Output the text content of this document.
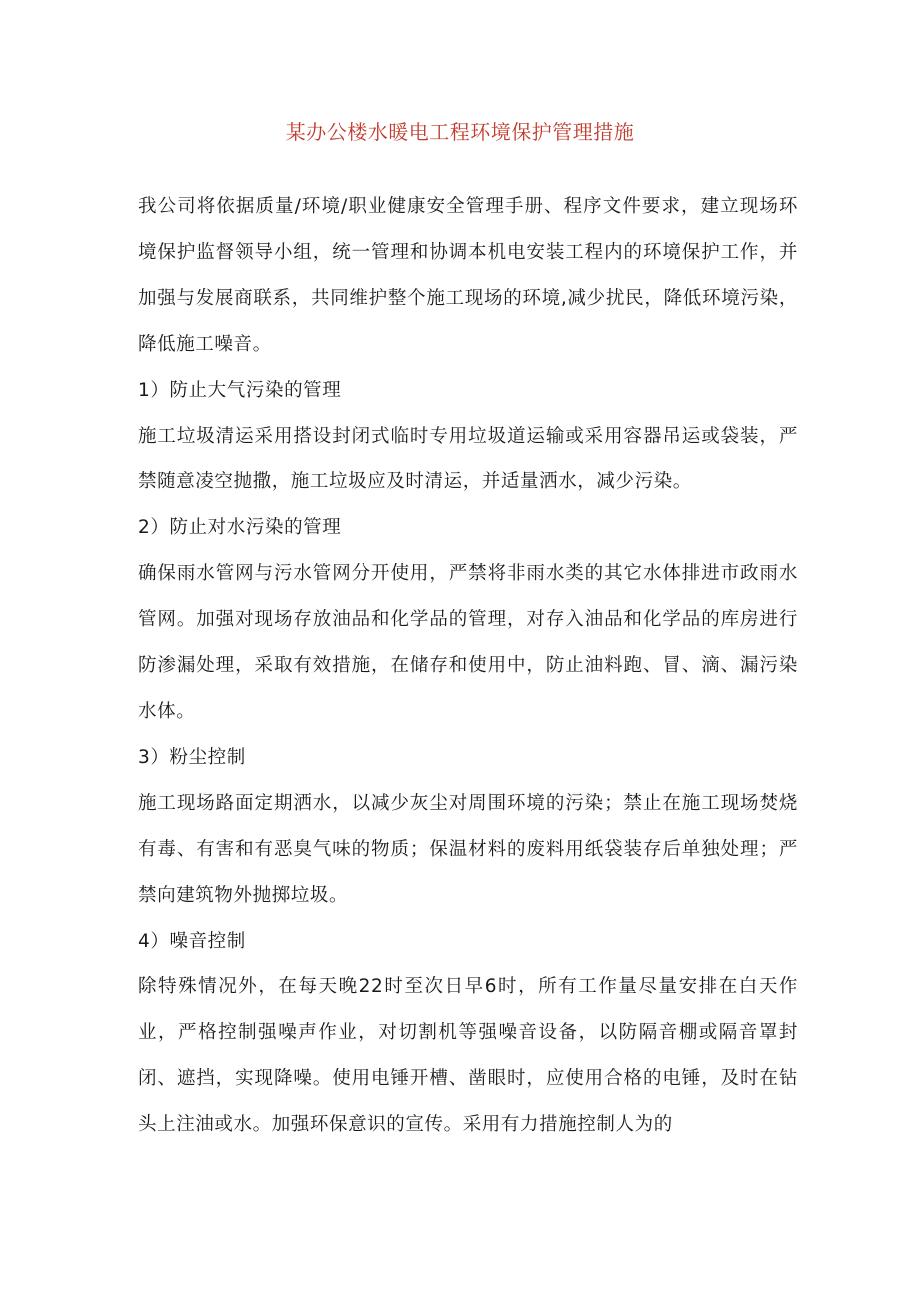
某办公楼水暖电工程环境保护管理措施

我公司将依据质量/环境/职业健康安全管理手册、程序文件要求，建立现场环境保护监督领导小组，统一管理和协调本机电安装工程内的环境保护工作，并加强与发展商联系，共同维护整个施工现场的环境,减少扰民，降低环境污染，降低施工噪音。

1）防止大气污染的管理

施工垃圾清运采用搭设封闭式临时专用垃圾道运输或采用容器吊运或袋装，严禁随意凌空抛撒，施工垃圾应及时清运，并适量洒水，减少污染。

2）防止对水污染的管理

确保雨水管网与污水管网分开使用，严禁将非雨水类的其它水体排进市政雨水管网。加强对现场存放油品和化学品的管理，对存入油品和化学品的库房进行防渗漏处理，采取有效措施，在储存和使用中，防止油料跑、冒、滴、漏污染水体。

3）粉尘控制

施工现场路面定期洒水，以减少灰尘对周围环境的污染；禁止在施工现场焚烧有毒、有害和有恶臭气味的物质；保温材料的废料用纸袋装存后单独处理；严禁向建筑物外抛掷垃圾。

4）噪音控制

除特殊情况外，在每天晚22时至次日早6时，所有工作量尽量安排在白天作业，严格控制强噪声作业，对切割机等强噪音设备，以防隔音棚或隔音罩封闭、遮挡，实现降噪。使用电锤开槽、凿眼时，应使用合格的电锤，及时在钻头上注油或水。加强环保意识的宣传。采用有力措施控制人为的
